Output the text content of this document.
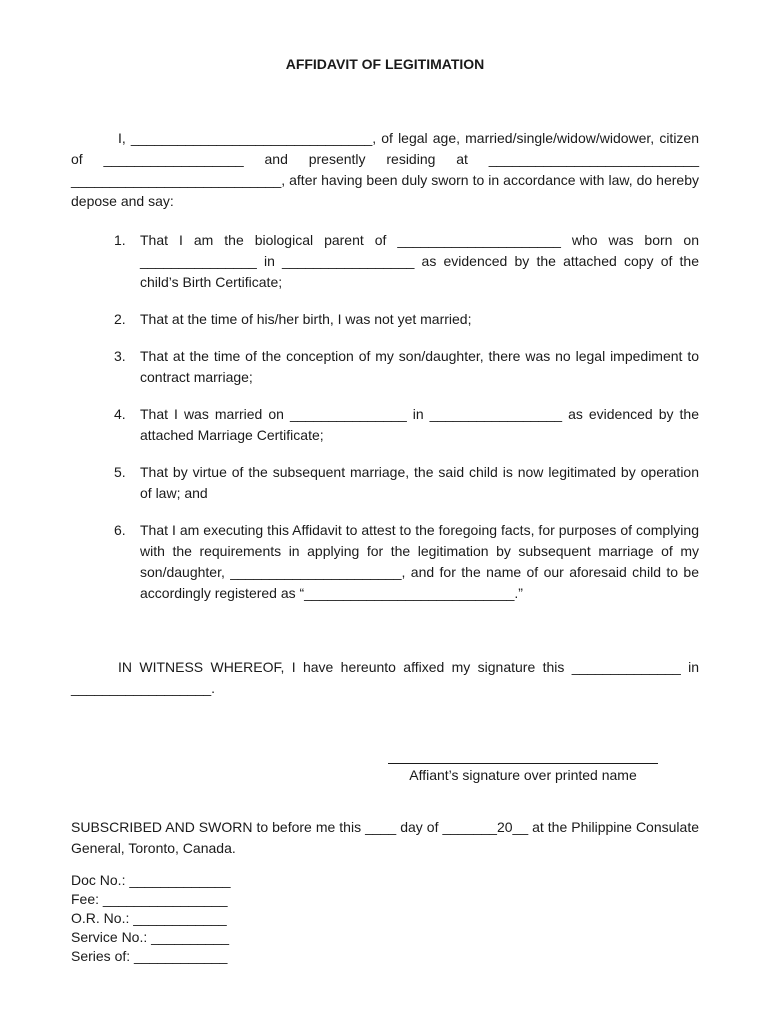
AFFIDAVIT OF LEGITIMATION

I, _______________________________, of legal age, married/single/widow/widower, citizen of __________________ and presently residing at ___________________________ ___________________________, after having been duly sworn to in accordance with law, do hereby depose and say:

1. That I am the biological parent of _____________________ who was born on _______________ in _________________ as evidenced by the attached copy of the child’s Birth Certificate;
2. That at the time of his/her birth, I was not yet married;
3. That at the time of the conception of my son/daughter, there was no legal impediment to contract marriage;
4. That I was married on _______________ in _________________ as evidenced by the attached Marriage Certificate;
5. That by virtue of the subsequent marriage, the said child is now legitimated by operation of law; and
6. That I am executing this Affidavit to attest to the foregoing facts, for purposes of complying with the requirements in applying for the legitimation by subsequent marriage of my son/daughter, ______________________, and for the name of our aforesaid child to be accordingly registered as “___________________________.”

IN WITNESS WHEREOF, I have hereunto affixed my signature this ______________ in __________________.

Affiant’s signature over printed name

SUBSCRIBED AND SWORN to before me this ____ day of _______20__ at the Philippine Consulate General, Toronto, Canada.

Doc No.: _____________
Fee: ________________
O.R. No.: ____________
Service No.: __________
Series of: ____________
